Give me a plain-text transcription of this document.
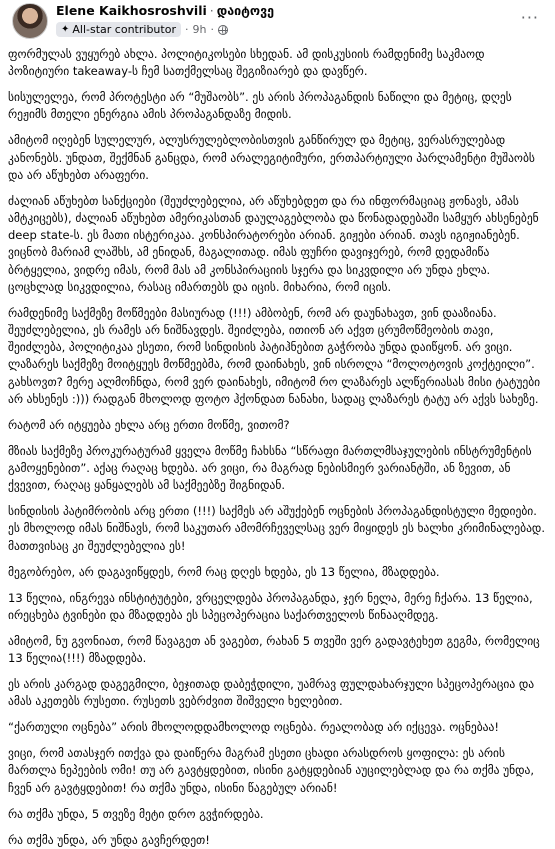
Elene Kaikhosroshvili · დაიტოვე
✦ All-star contributor · 9h ·
···

ფორმულას ვუყურებ ახლა. პოლიტიკოსები სხედან. ამ დისკუსიის რამდენიმე საკმაოდ პოზიტიური takeaway-ს ჩემ სათქმელსაც შეგიზიარებ და დავწერ.

სისულელეა, რომ პროტესტი არ “მუშაობს”. ეს არის პროპაგანდის ნაწილი და მეტიც, დღეს რეჟიმს მთელი ენერგია ამის პროპაგანდაზე მიდის.

ამიტომ იღებენ სულელურ, ალუსრულებლობისთვის განწირულ და მეტიც, ვერასრულებად კანონებს. უნდათ, შექმნან განცდა, რომ არალეგიტიმური, ერთპარტიული პარლამენტი მუშაობს და არ აწუხებთ არაფერი.

ძალიან აწუხებთ სანქციები (შეუძლებელია, არ აწუხებდეთ და რა ინფორმაციაც ჟონავს, ამას ამტკიცებს), ძალიან აწუხებთ ამერიკასთან დაულაგებლობა და წონადადებაში სამყურ ახსენებენ deep state-ს. ეს მათი ისტერიკაა. კონსპირატორები არიან. გიჟები არიან. თავს იგიჟიანებენ. ვიცნობ მარიამ ლაშხს, ამ ენიდან, მაგალითად. იმას ფუჩრი დავიჯერებ, რომ დედამიწა ბრტყელია, ვიდრე იმას, რომ მას ამ კონსპირაციის სჯერა და სიკვდილი არ უნდა ეხლა. ცოცხლად სიკვდილია, რასაც იმართებს და იცის. მიხარია, რომ იცის.

რამდენიმე საქმეზე მოწმეები მასიურად (!!!) ამბობენ, რომ არ დაუნახავთ, ვინ დააზიანა. შეუძლებელია, ეს რამეს არ ნიშნავდეს. შეიძლება, ითიონ არ აქვთ ცრუმოწმეობის თავი, შეიძლება, პოლიტიკაა ესეთი, რომ სინდისის პატიჰნებით გაჭრობა უნდა დაიწყონ. არ ვიცი. ლაზარეს საქმეზე მოიტყუეს მოწმეებმა, რომ დაინახეს, ვინ ისროლა “მოლოტოვის კოქტეილი”. გახსოვთ? მერე ალმოჩნდა, რომ ვერ დაინახეს, იმიტომ რო ლაზარეს ალწერიასას მისი ტატუები არ ახსენეს :))) რადგან მხოლოდ ფოტო ჰქონდათ ნანახი, სადაც ლაზარეს ტატუ არ აქვს სახეზე.

რატომ არ იტყუება ეხლა არც ერთი მოწმე, ვითომ?

მზიას საქმეზე პროკურატურამ ყველა მოწმე ჩახსნა “სწრაფი მართლმსაჯულების ინსტრუმენტის გამოყენებით”. აქაც რაღაც ხდება. არ ვიცი, რა მაგრად ნებისმიერ ვარიანტში, ან ზევით, ან ქვევით, რაღაც ყანყალებს ამ საქმეებზე შიგნიდან.

სინდისის პატიმრობის არც ერთი (!!!) საქმეს არ აშუქებენ ოცნების პროპაგანდისტული მედიები. ეს მხოლოდ იმას ნიშნავს, რომ საკუთარ ამომრჩეველსაც ვერ მიყიდეს ეს ხალხი კრიმინალებად. მათთვისაც კი შეუძლებელია ეს!

მეგობრებო, არ დაგავიწყდეს, რომ რაც დღეს ხდება, ეს 13 წელია, მზადდება.

13 წელია, ინგრევა ინსტიტუტები, ვრცელდება პროპაგანდა, ჯერ ნელა, მერე ჩქარა. 13 წელია, ირეცხება ტვინები და მზადდება ეს სპეცოპერაცია საქართველოს წინააღმდეგ.

ამიტომ, ნუ გვონიათ, რომ წავაგეთ ან ვაგებთ, რახან 5 თვეში ვერ გადავტეხეთ გეგმა, რომელიც 13 წელია(!!!) მზადდება.

ეს არის კარგად დაგეგმილი, ბეჯითად დაბეჭდილი, უამრავ ფულდახარჯული სპეცოპერაცია და ამას აკეთებს რუსეთი. რუსეთს ვებრძვით შიშველი ხელებით.

“ქართული ოცნება” არის მხოლოდდამხოლოდ ოცნება. რეალობად არ იქცევა. ოცნებაა!

ვიცი, რომ ათასჯერ ითქვა და დაიწერა მაგრამ ესეთი ცხადი არასდროს ყოფილა: ეს არის მართლა ნეპეების ომი! თუ არ გავტყდებით, ისინი გატყდებიან აუცილებლად და რა თქმა უნდა, ჩვენ არ გავტყდებით! რა თქმა უნდა, ისინი წაგებულ არიან!

რა თქმა უნდა, 5 თვეზე მეტი დრო გვჭირდება.

რა თქმა უნდა, არ უნდა გავჩერდეთ!
